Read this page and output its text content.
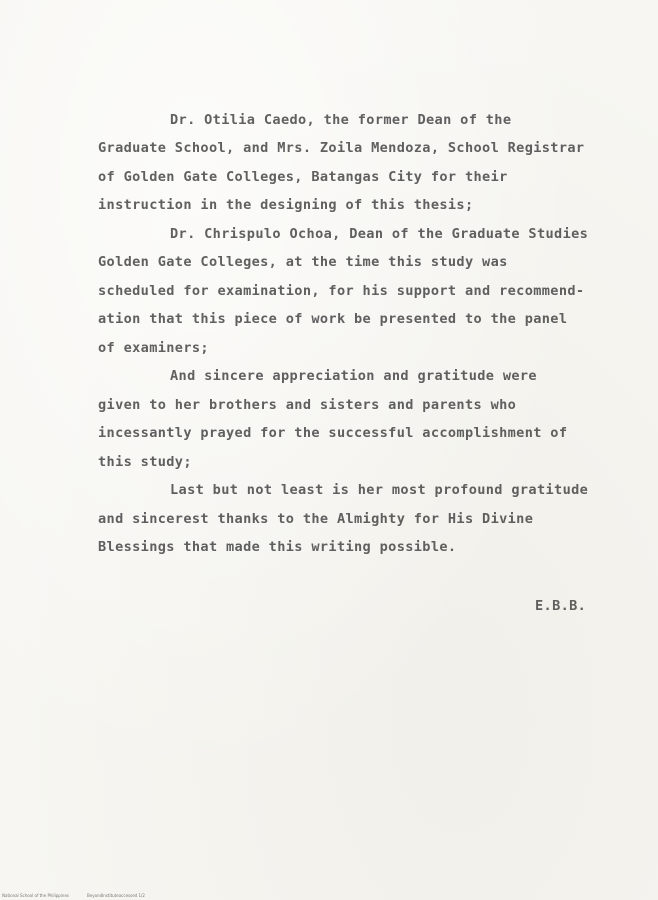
Dr. Otilia Caedo, the former Dean of the
Graduate School, and Mrs. Zoila Mendoza, School Registrar
of Golden Gate Colleges, Batangas City for their
instruction in the designing of this thesis;
Dr. Chrispulo Ochoa, Dean of the Graduate Studies
Golden Gate Colleges, at the time this study was
scheduled for examination, for his support and recommend-
ation that this piece of work be presented to the panel
of examiners;
And sincere appreciation and gratitude were
given to her brothers and sisters and parents who
incessantly prayed for the successful accomplishment of
this study;
Last but not least is her most profound gratitude
and sincerest thanks to the Almighty for His Divine
Blessings that made this writing possible.
E.B.B.
National School of the Philippines	BeyondInstituteaccessed 1/2
